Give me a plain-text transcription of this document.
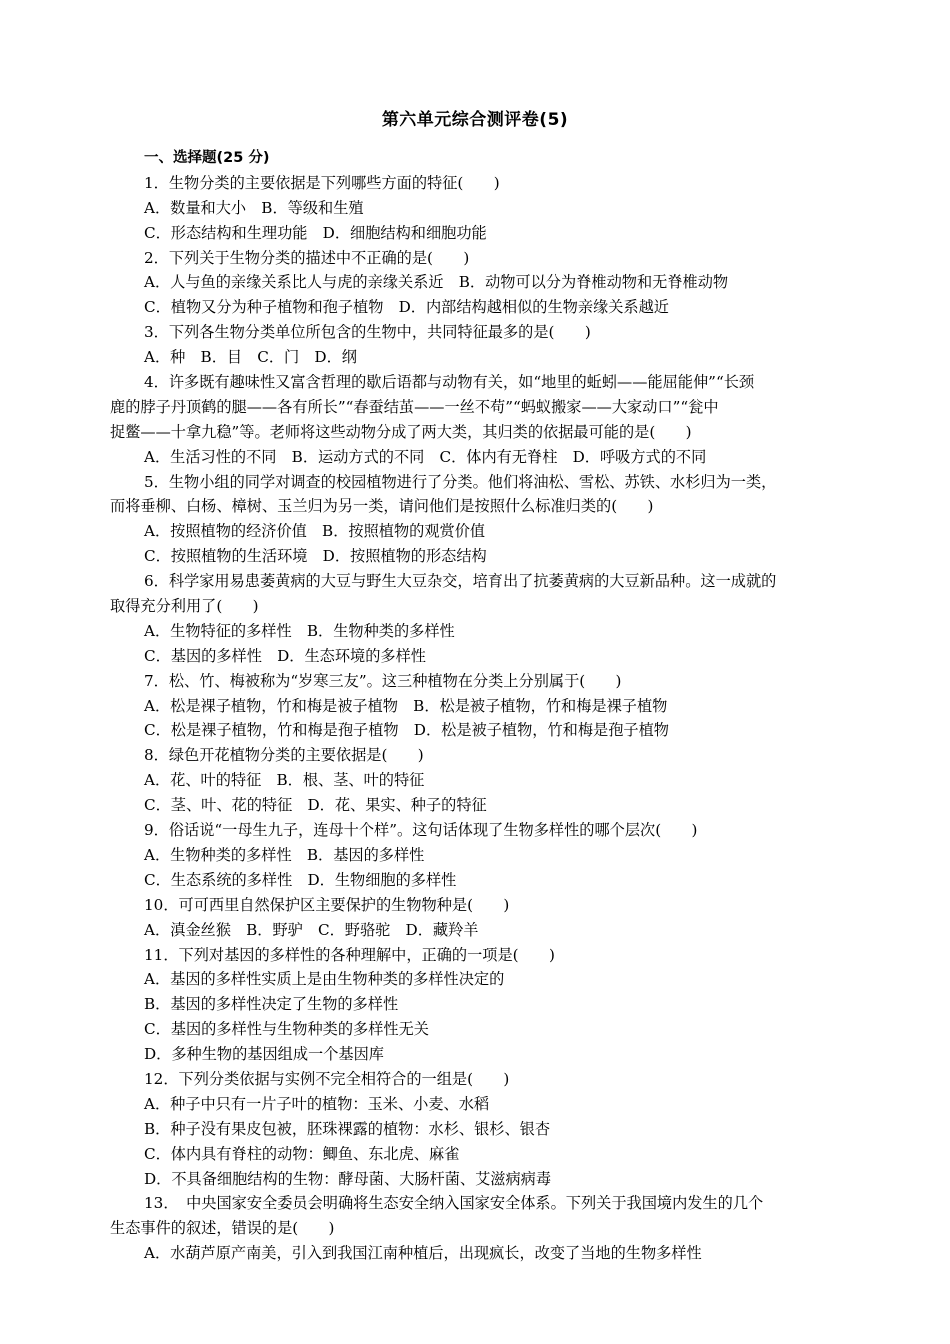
第六单元综合测评卷(5)
一、选择题(25 分)
1．生物分类的主要依据是下列哪些方面的特征(　　)
A．数量和大小　B．等级和生殖
C．形态结构和生理功能　D．细胞结构和细胞功能
2．下列关于生物分类的描述中不正确的是(　　)
A．人与鱼的亲缘关系比人与虎的亲缘关系近　B．动物可以分为脊椎动物和无脊椎动物
C．植物又分为种子植物和孢子植物　D．内部结构越相似的生物亲缘关系越近
3．下列各生物分类单位所包含的生物中，共同特征最多的是(　　)
A．种　B．目　C．门　D．纲
4．许多既有趣味性又富含哲理的歇后语都与动物有关，如“地里的蚯蚓——能屈能伸”“长颈
鹿的脖子丹顶鹤的腿——各有所长”“春蚕结茧——一丝不苟”“蚂蚁搬家——大家动口”“瓮中
捉鳖——十拿九稳”等。老师将这些动物分成了两大类，其归类的依据最可能的是(　　)
A．生活习性的不同　B．运动方式的不同　C．体内有无脊柱　D．呼吸方式的不同
5．生物小组的同学对调查的校园植物进行了分类。他们将油松、雪松、苏铁、水杉归为一类，
而将垂柳、白杨、樟树、玉兰归为另一类，请问他们是按照什么标准归类的(　　)
A．按照植物的经济价值　B．按照植物的观赏价值
C．按照植物的生活环境　D．按照植物的形态结构
6．科学家用易患萎黄病的大豆与野生大豆杂交，培育出了抗萎黄病的大豆新品种。这一成就的
取得充分利用了(　　)
A．生物特征的多样性　B．生物种类的多样性
C．基因的多样性　D．生态环境的多样性
7．松、竹、梅被称为“岁寒三友”。这三种植物在分类上分别属于(　　)
A．松是裸子植物，竹和梅是被子植物　B．松是被子植物，竹和梅是裸子植物
C．松是裸子植物，竹和梅是孢子植物　D．松是被子植物，竹和梅是孢子植物
8．绿色开花植物分类的主要依据是(　　)
A．花、叶的特征　B．根、茎、叶的特征
C．茎、叶、花的特征　D．花、果实、种子的特征
9．俗话说“一母生九子，连母十个样”。这句话体现了生物多样性的哪个层次(　　)
A．生物种类的多样性　B．基因的多样性
C．生态系统的多样性　D．生物细胞的多样性
10．可可西里自然保护区主要保护的生物物种是(　　)
A．滇金丝猴　B．野驴　C．野骆驼　D．藏羚羊
11．下列对基因的多样性的各种理解中，正确的一项是(　　)
A．基因的多样性实质上是由生物种类的多样性决定的
B．基因的多样性决定了生物的多样性
C．基因的多样性与生物种类的多样性无关
D．多种生物的基因组成一个基因库
12．下列分类依据与实例不完全相符合的一组是(　　)
A．种子中只有一片子叶的植物：玉米、小麦、水稻
B．种子没有果皮包被，胚珠裸露的植物：水杉、银杉、银杏
C．体内具有脊柱的动物：鲫鱼、东北虎、麻雀
D．不具备细胞结构的生物：酵母菌、大肠杆菌、艾滋病病毒
13．　中央国家安全委员会明确将生态安全纳入国家安全体系。下列关于我国境内发生的几个
生态事件的叙述，错误的是(　　)
A．水葫芦原产南美，引入到我国江南种植后，出现疯长，改变了当地的生物多样性
